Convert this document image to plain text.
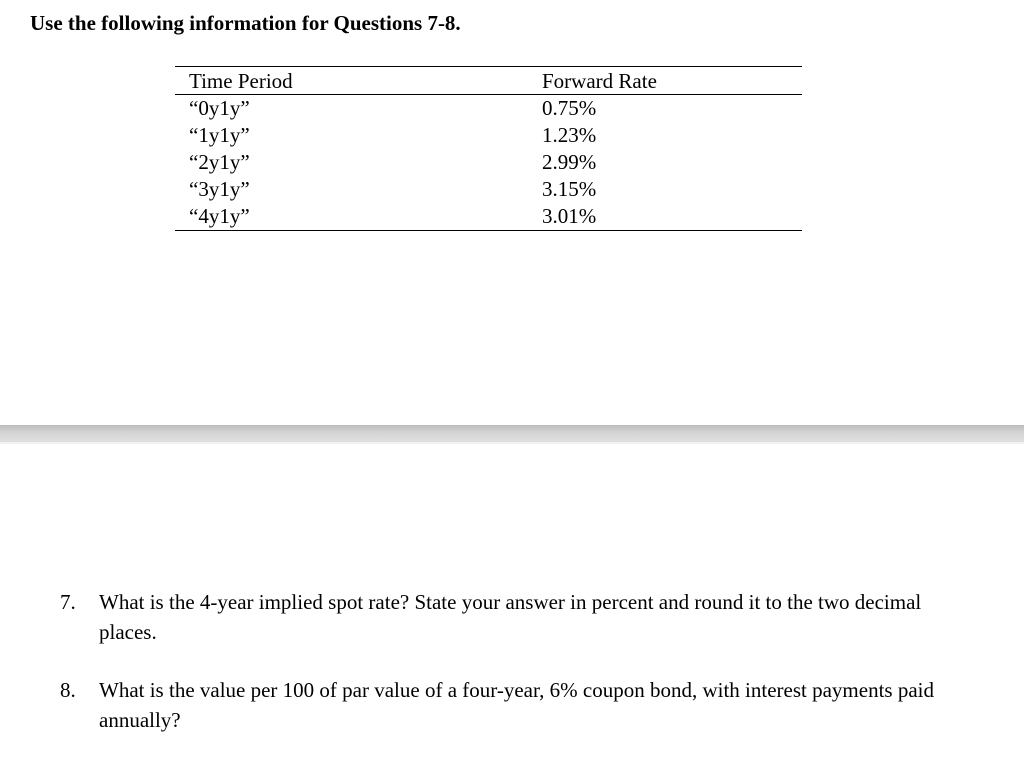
Use the following information for Questions 7-8.
Time Period	Forward Rate
“0y1y”	0.75%
“1y1y”	1.23%
“2y1y”	2.99%
“3y1y”	3.15%
“4y1y”	3.01%
7.	What is the 4-year implied spot rate? State your answer in percent and round it to the two decimal places.
8.	What is the value per 100 of par value of a four-year, 6% coupon bond, with interest payments paid annually?
